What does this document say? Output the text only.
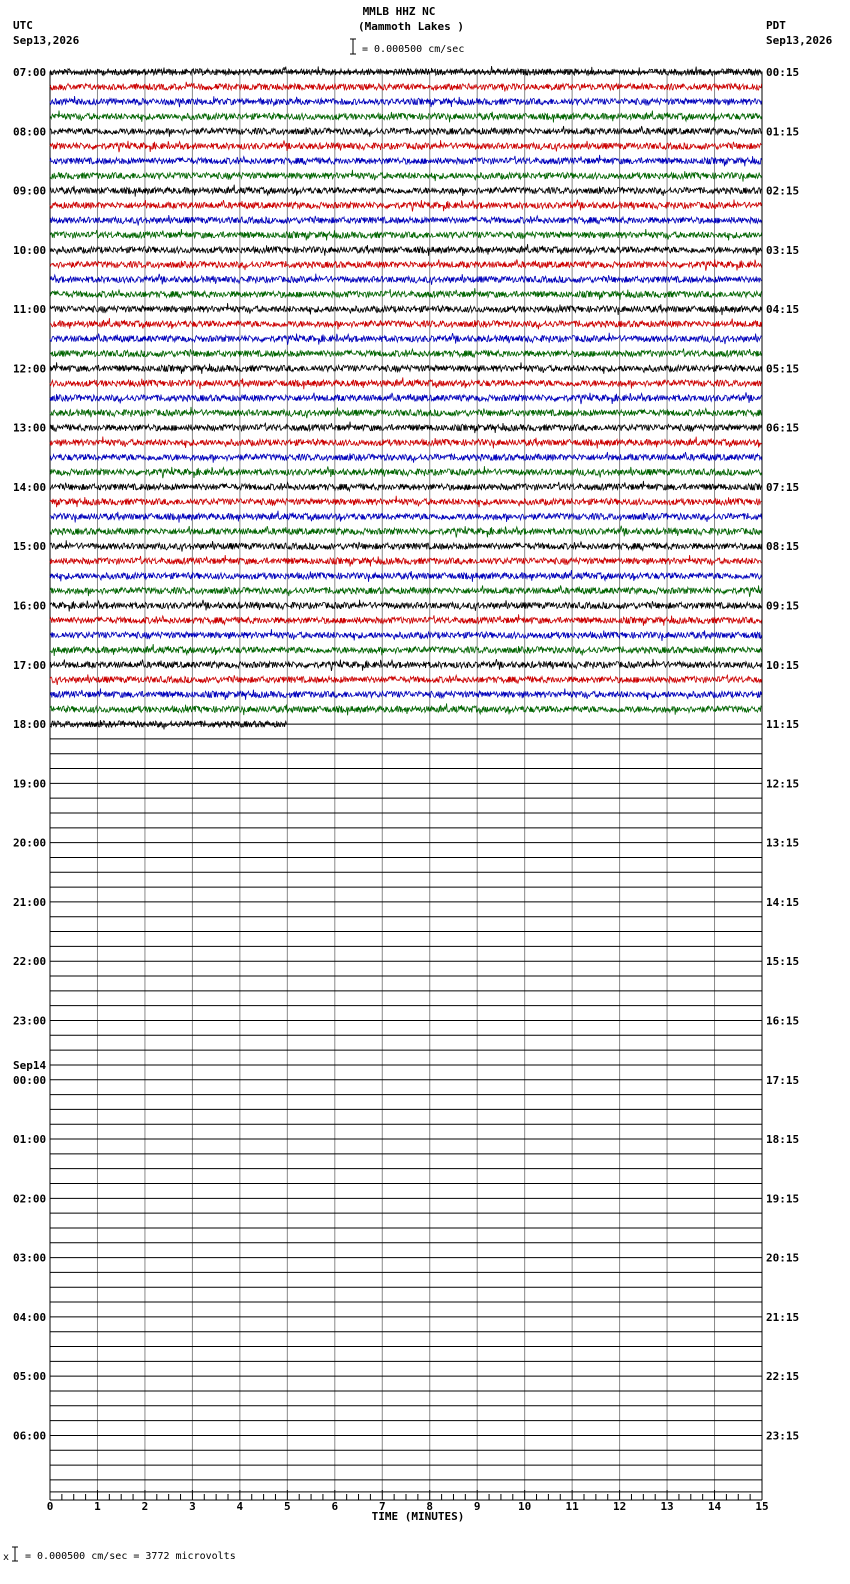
MMLB HHZ NC
(Mammoth Lakes )
= 0.000500 cm/sec
UTC
Sep13,2026
PDT
Sep13,2026
07:00
08:00
09:00
10:00
11:00
12:00
13:00
14:00
15:00
16:00
17:00
18:00
19:00
20:00
21:00
22:00
23:00
00:00
Sep14
01:00
02:00
03:00
04:00
05:00
06:00
00:15
01:15
02:15
03:15
04:15
05:15
06:15
07:15
08:15
09:15
10:15
11:15
12:15
13:15
14:15
15:15
16:15
17:15
18:15
19:15
20:15
21:15
22:15
23:15
0	1	2	3	4	5	6	7	8	9	10	11	12	13	14	15
TIME (MINUTES)
x = 0.000500 cm/sec = 3772 microvolts
